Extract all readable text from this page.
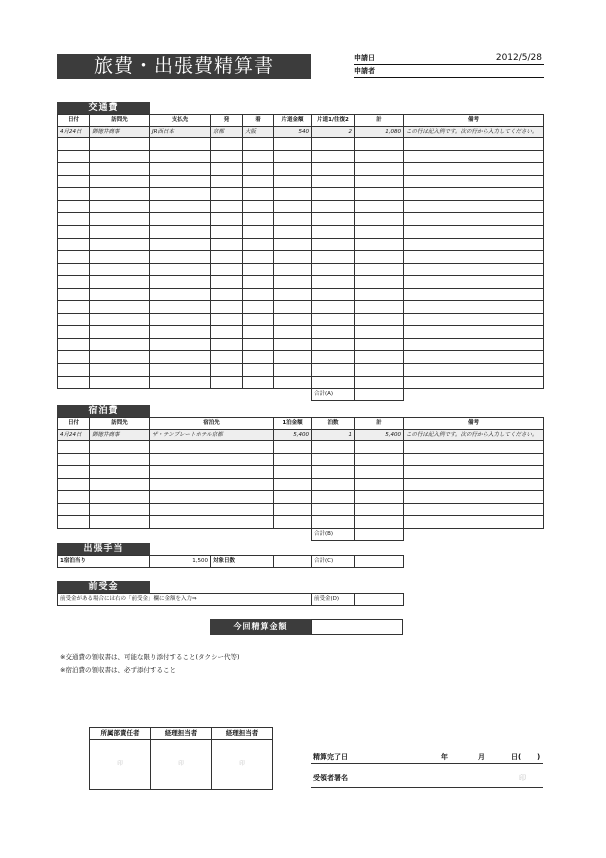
旅費・出張費精算書	申請日	2012/5/28
申請者
交通費
日付	訪問先	支払先	発	着	片道金額	片道1/往復2	計	備考
4月24日	御徳井商事	JR西日本	京都	大阪	540	2	1,080	この行は記入例です。次の行から入力してください。

						合計(A)		
宿泊費
日付	訪問先	宿泊先	1泊金額	泊数	計	備考
4月24日	御徳井商事	ザ・テンプレートホテル京都	5,400	1	5,400	この行は記入例です。次の行から入力してください。

				合計(B)		
出張手当
1宿泊当り	1,500	対象日数		合計(C)	
前受金
前受金がある場合には右の「前受金」欄に金額を入力⇒	前受金(D)	
今回精算金額
※交通費の領収書は、可能な限り添付すること(タクシー代等)
※宿泊費の領収書は、必ず添付すること
所属部責任者	経理担当者	経理担当者
印	印	印
精算完了日	年	月	日( )
受領者署名	印
